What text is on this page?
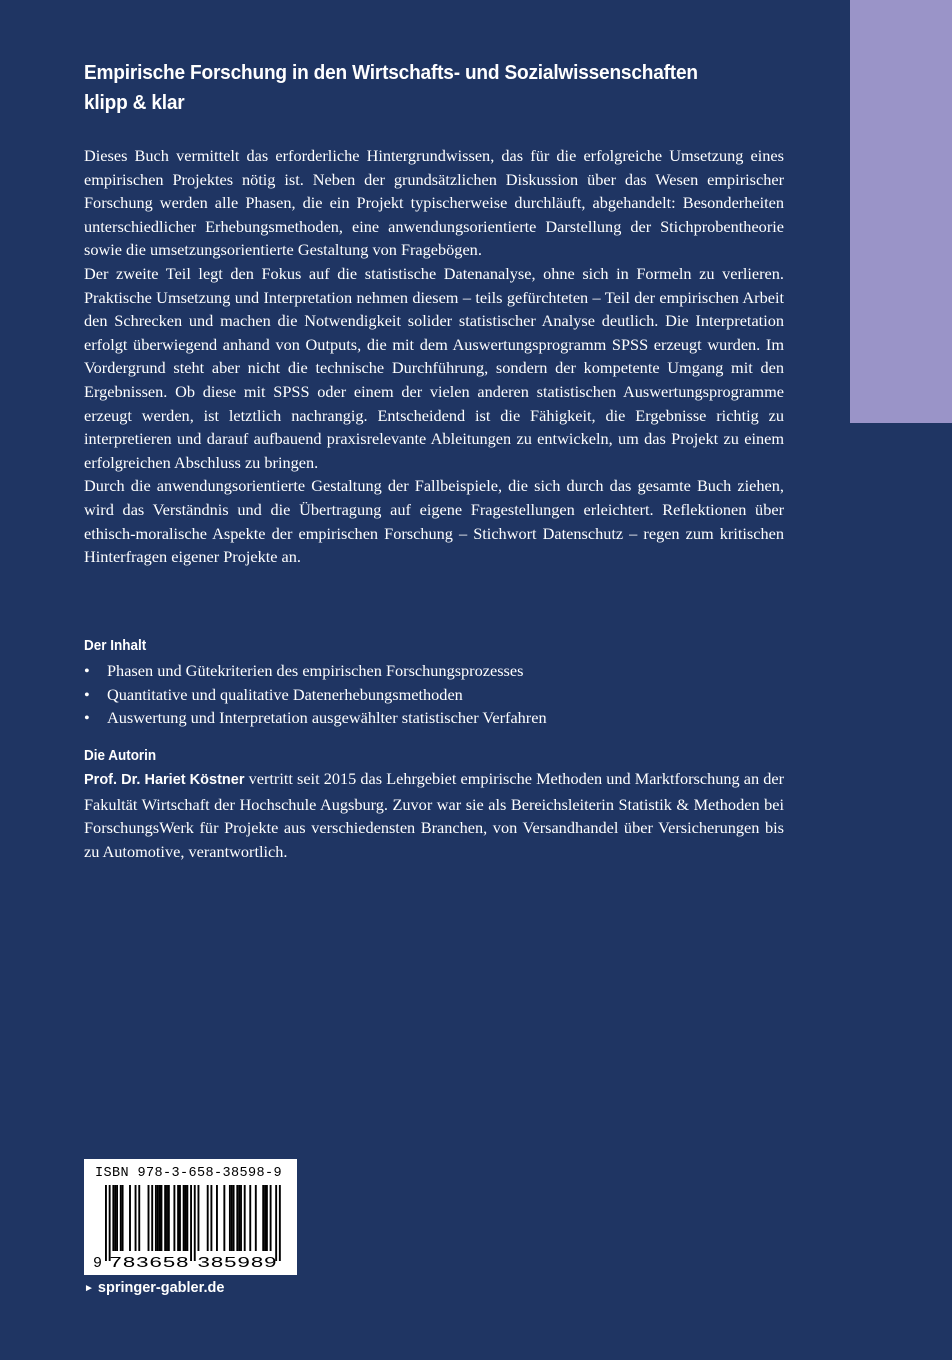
Empirische Forschung in den Wirtschafts- und Sozialwissenschaften
klipp & klar

Dieses Buch vermittelt das erforderliche Hintergrundwissen, das für die erfolgreiche Umsetzung eines empirischen Projektes nötig ist. Neben der grundsätzlichen Diskussion über das Wesen empirischer Forschung werden alle Phasen, die ein Projekt typischerweise durchläuft, abgehandelt: Besonderheiten unterschiedlicher Erhebungsmethoden, eine anwendungsorientierte Darstellung der Stichprobentheorie sowie die umsetzungsorientierte Gestaltung von Fragebögen.

Der zweite Teil legt den Fokus auf die statistische Datenanalyse, ohne sich in Formeln zu verlieren. Praktische Umsetzung und Interpretation nehmen diesem – teils gefürchteten – Teil der empirischen Arbeit den Schrecken und machen die Notwendigkeit solider statistischer Analyse deutlich. Die Interpretation erfolgt überwiegend anhand von Outputs, die mit dem Auswertungsprogramm SPSS erzeugt wurden. Im Vordergrund steht aber nicht die technische Durchführung, sondern der kompetente Umgang mit den Ergebnissen. Ob diese mit SPSS oder einem der vielen anderen statistischen Auswertungsprogramme erzeugt werden, ist letztlich nachrangig. Entscheidend ist die Fähigkeit, die Ergebnisse richtig zu interpretieren und darauf aufbauend praxisrelevante Ableitungen zu entwickeln, um das Projekt zu einem erfolgreichen Abschluss zu bringen.

Durch die anwendungsorientierte Gestaltung der Fallbeispiele, die sich durch das gesamte Buch ziehen, wird das Verständnis und die Übertragung auf eigene Fragestellungen erleichtert. Reflektionen über ethisch-moralische Aspekte der empirischen Forschung – Stichwort Datenschutz – regen zum kritischen Hinterfragen eigener Projekte an.

Der Inhalt
• Phasen und Gütekriterien des empirischen Forschungsprozesses
• Quantitative und qualitative Datenerhebungsmethoden
• Auswertung und Interpretation ausgewählter statistischer Verfahren
Die Autorin

Prof. Dr. Hariet Köstner vertritt seit 2015 das Lehrgebiet empirische Methoden und Marktforschung an der Fakultät Wirtschaft der Hochschule Augsburg. Zuvor war sie als Bereichsleiterin Statistik & Methoden bei ForschungsWerk für Projekte aus verschiedensten Branchen, von Versandhandel über Versicherungen bis zu Automotive, verantwortlich.

ISBN 978-3-658-38598-9
9 783658 385989
► springer-gabler.de
